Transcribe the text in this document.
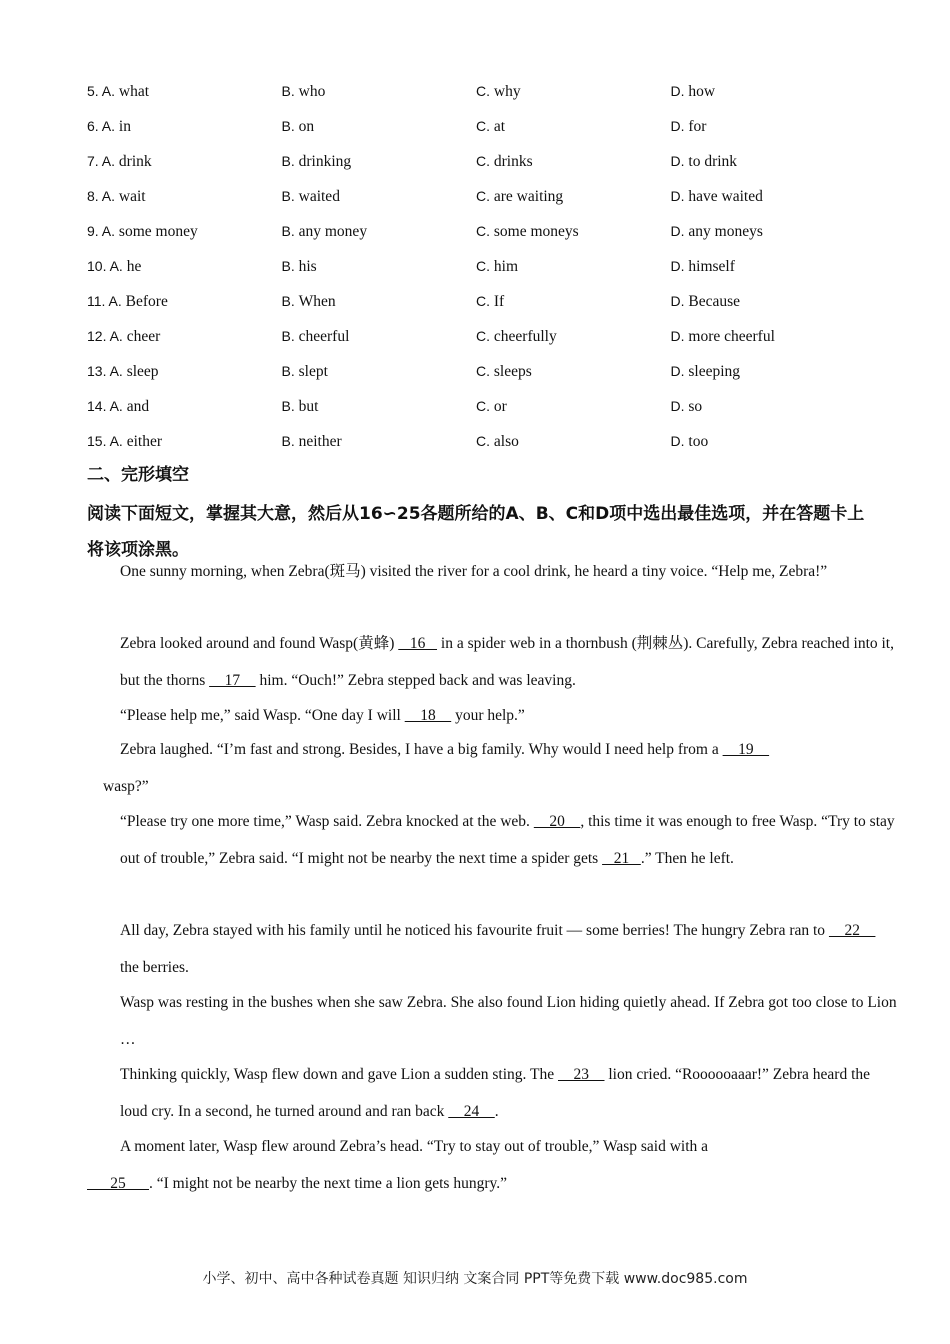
5. A. what	B. who	C. why	D. how
6. A. in	B. on	C. at	D. for
7. A. drink	B. drinking	C. drinks	D. to drink
8. A. wait	B. waited	C. are waiting	D. have waited
9. A. some money	B. any money	C. some moneys	D. any moneys
10. A. he	B. his	C. him	D. himself
11. A. Before	B. When	C. If	D. Because
12. A. cheer	B. cheerful	C. cheerfully	D. more cheerful
13. A. sleep	B. slept	C. sleeps	D. sleeping
14. A. and	B. but	C. or	D. so
15. A. either	B. neither	C. also	D. too
二、完形填空
阅读下面短文，掌握其大意，然后从16∽25各题所给的A、B、C和D项中选出最佳选项，并在答题卡上将该项涂黑。
One sunny morning, when Zebra(斑马) visited the river for a cool drink, he heard a tiny voice. “Help me, Zebra!”
Zebra looked around and found Wasp(黄蜂)    16    in a spider web in a thornbush (荆棘丛). Carefully, Zebra reached into it, but the thorns     17     him. “Ouch!” Zebra stepped back and was leaving.
“Please help me,” said Wasp. “One day I will     18     your help.”
Zebra laughed. “I’m fast and strong. Besides, I have a big family. Why would I need help from a     19
wasp?”
“Please try one more time,” Wasp said. Zebra knocked at the web.     20    , this time it was enough to free Wasp. “Try to stay out of trouble,” Zebra said. “I might not be nearby the next time a spider gets    21   .” Then he left.
All day, Zebra stayed with his family until he noticed his favourite fruit — some berries! The hungry Zebra ran to     22     the berries.
Wasp was resting in the bushes when she saw Zebra. She also found Lion hiding quietly ahead. If Zebra got too close to Lion …
Thinking quickly, Wasp flew down and gave Lion a sudden sting. The     23     lion cried. “Roooooaaar!” Zebra heard the loud cry. In a second, he turned around and ran back     24    .
A moment later, Wasp flew around Zebra’s head. “Try to stay out of trouble,” Wasp said with a
25      . “I might not be nearby the next time a lion gets hungry.”
小学、初中、高中各种试卷真题 知识归纳 文案合同 PPT等免费下载 www.doc985.com
